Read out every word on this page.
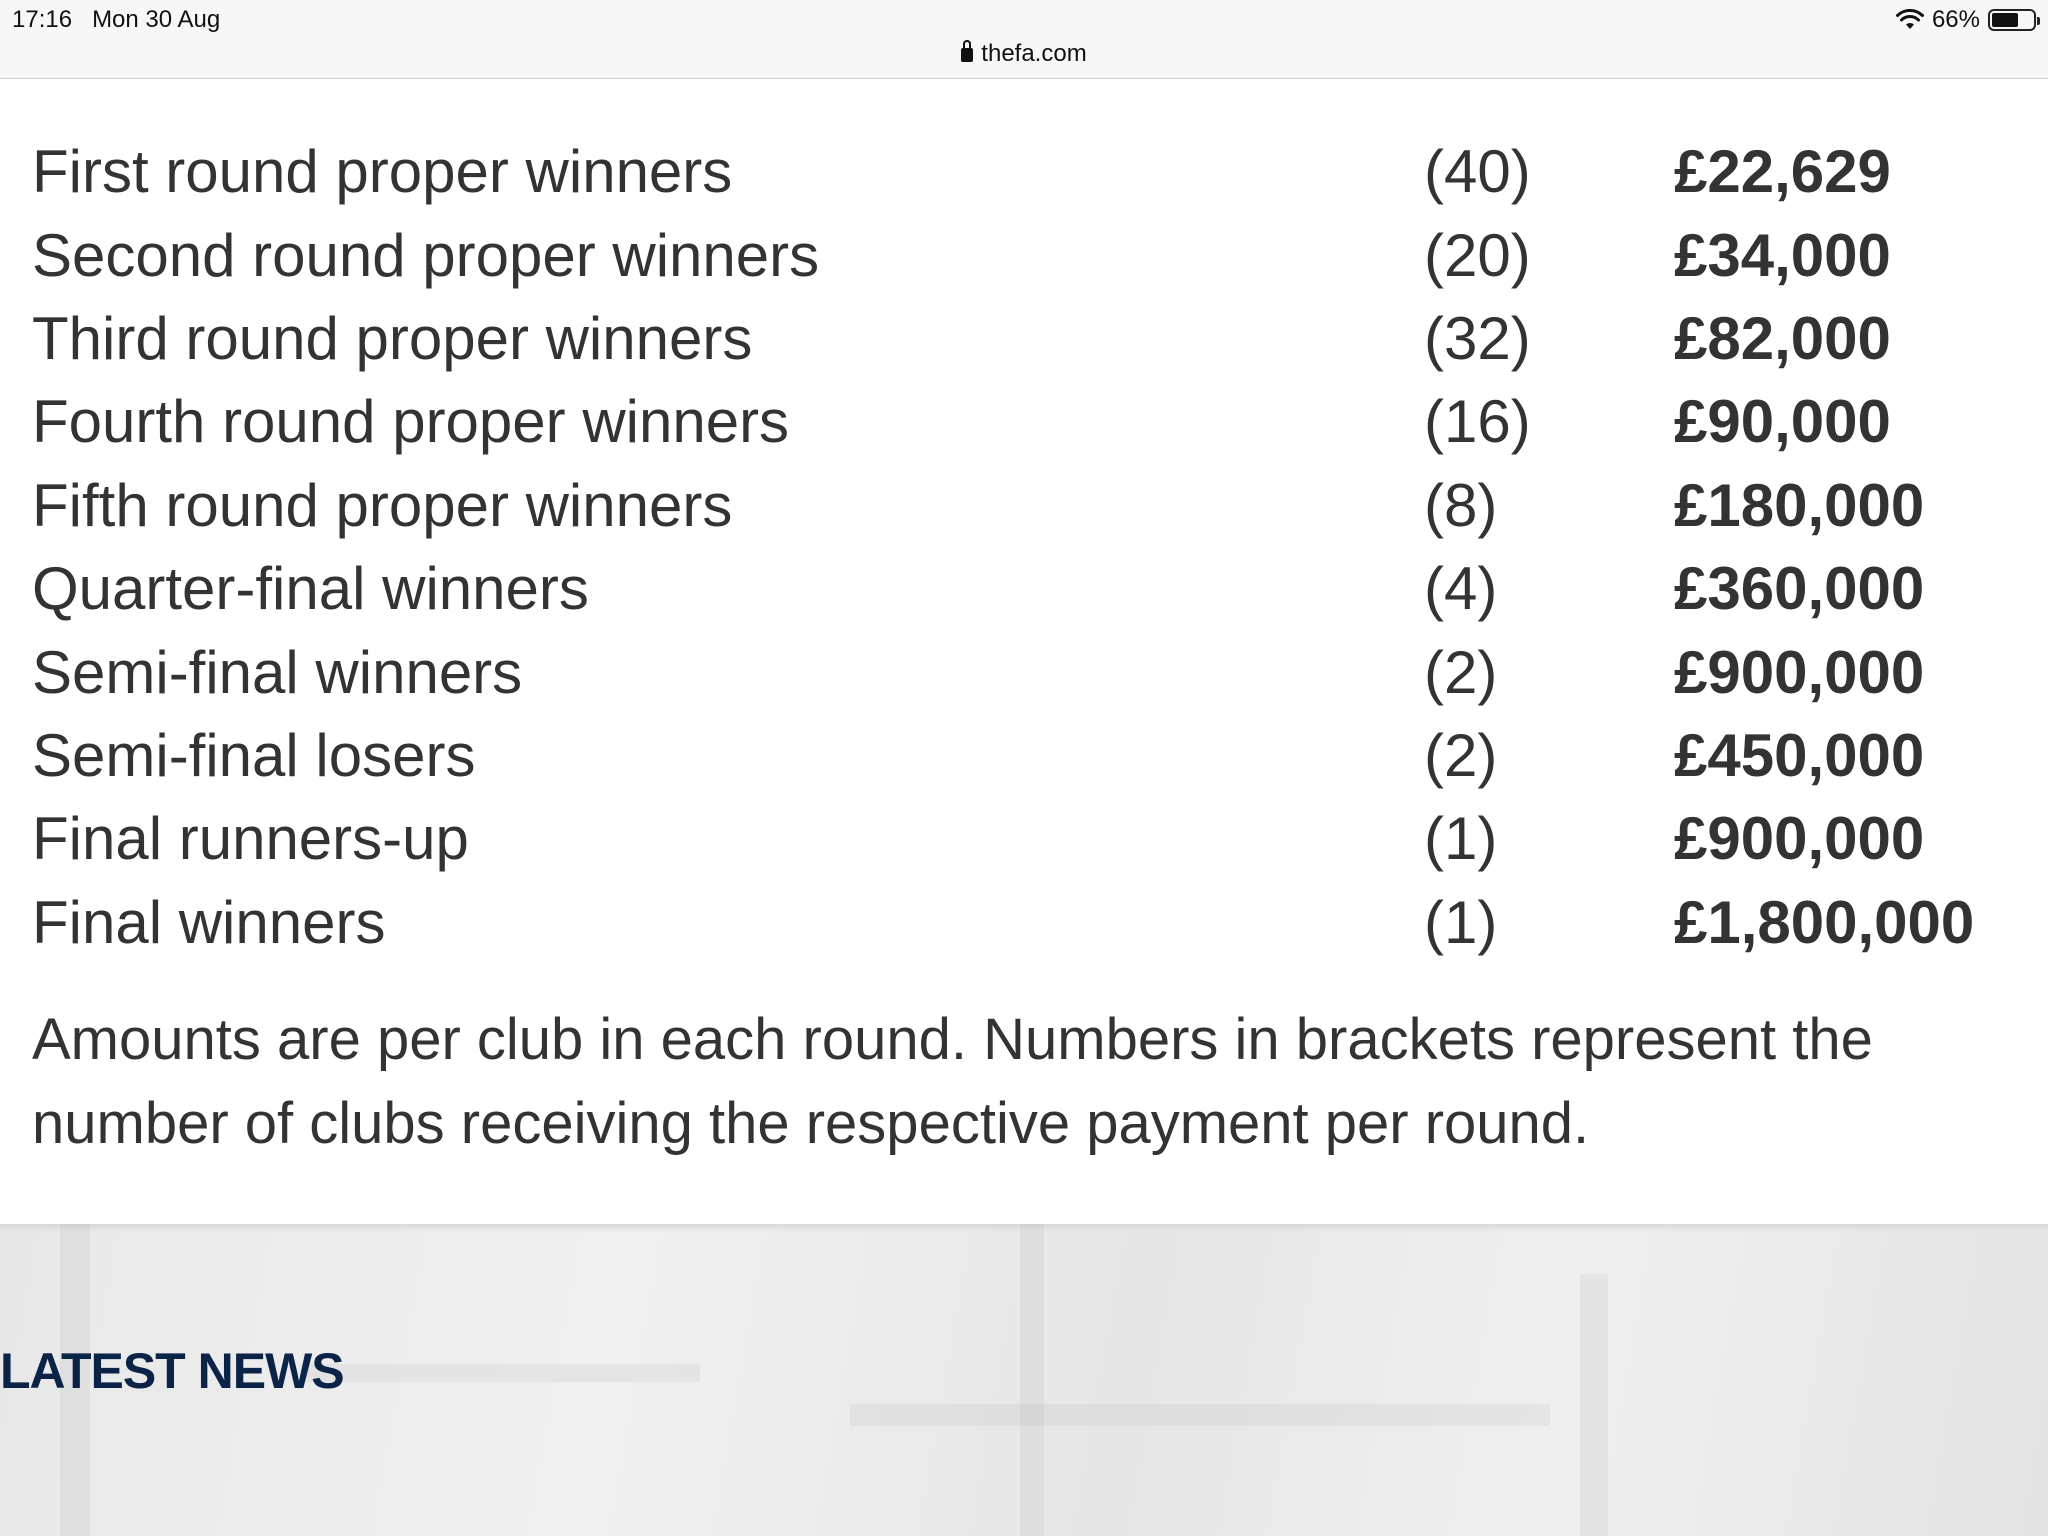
17:16 Mon 30 Aug	66%
thefa.com
First round proper winners	(40)	£22,629
Second round proper winners	(20)	£34,000
Third round proper winners	(32)	£82,000
Fourth round proper winners	(16)	£90,000
Fifth round proper winners	(8)	£180,000
Quarter-final winners	(4)	£360,000
Semi-final winners	(2)	£900,000
Semi-final losers	(2)	£450,000
Final runners-up	(1)	£900,000
Final winners	(1)	£1,800,000

Amounts are per club in each round. Numbers in brackets represent the number of clubs receiving the respective payment per round.

LATEST NEWS
